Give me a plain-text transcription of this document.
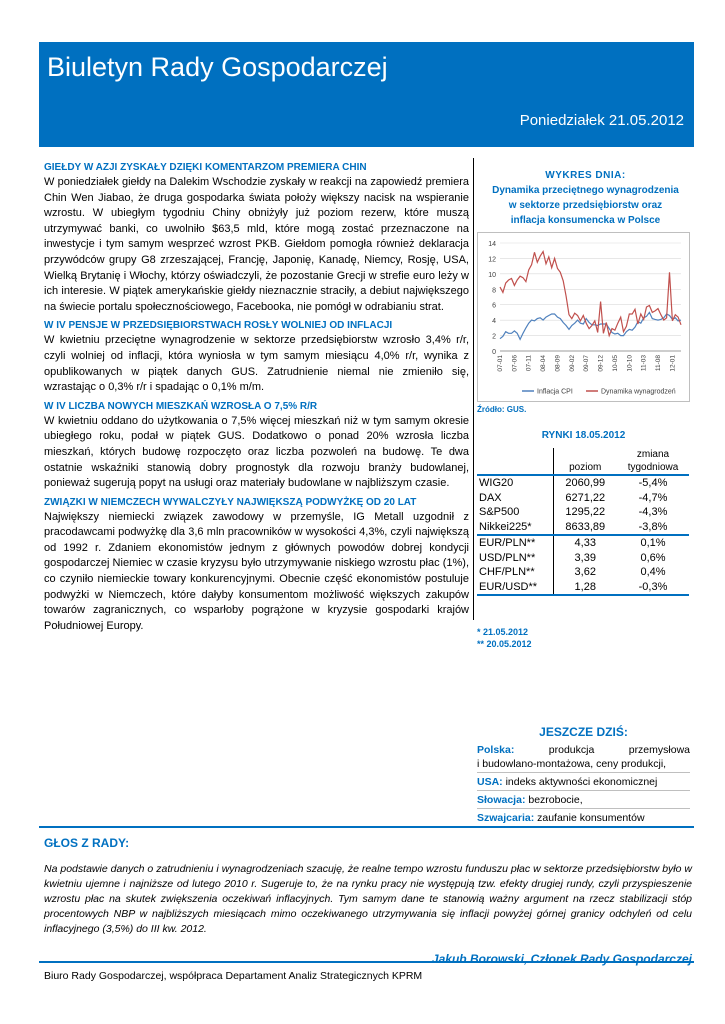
Biuletyn Rady Gospodarczej
Poniedziałek 21.05.2012
GIEŁDY W AZJI ZYSKAŁY DZIĘKI KOMENTARZOM PREMIERA CHIN

W poniedziałek giełdy na Dalekim Wschodzie zyskały w reakcji na zapowiedź premiera Chin Wen Jiabao, że druga gospodarka świata położy większy nacisk na wspieranie wzrostu. W ubiegłym tygodniu Chiny obniżyły już poziom rezerw, które muszą utrzymywać banki, co uwolniło $63,5 mld, które mogą zostać przeznaczone na inwestycje i tym samym wesprzeć wzrost PKB. Giełdom pomogła również deklaracja przywódców grupy G8 zrzeszającej, Francję, Japonię, Kanadę, Niemcy, Rosję, USA, Wielką Brytanię i Włochy, którzy oświadczyli, że pozostanie Grecji w strefie euro leży w ich interesie. W piątek amerykańskie giełdy nieznacznie straciły, a debiut największego na świecie portalu społecznościowego, Facebooka, nie pomógł w odrabianiu strat.

W IV PENSJE W PRZEDSIĘBIORSTWACH ROSŁY WOLNIEJ OD INFLACJI

W kwietniu przeciętne wynagrodzenie w sektorze przedsiębiorstw wzrosło 3,4% r/r, czyli wolniej od inflacji, która wyniosła w tym samym miesiącu 4,0% r/r, wynika z opublikowanych w piątek danych GUS. Zatrudnienie niemal nie zmieniło się, wzrastając o 0,3% r/r i spadając o 0,1% m/m.

W IV LICZBA NOWYCH MIESZKAŃ WZROSŁA O 7,5% R/R

W kwietniu oddano do użytkowania o 7,5% więcej mieszkań niż w tym samym okresie ubiegłego roku, podał w piątek GUS. Dodatkowo o ponad 20% wzrosła liczba mieszkań, których budowę rozpoczęto oraz liczba pozwoleń na budowę. Te dwa ostatnie wskaźniki stanowią dobry prognostyk dla rozwoju branży budowlanej, ponieważ sugerują popyt na usługi oraz materiały budowlane w najbliższym czasie.

ZWIĄZKI W NIEMCZECH WYWALCZYŁY NAJWIĘKSZĄ PODWYŻKĘ OD 20 LAT

Największy niemiecki związek zawodowy w przemyśle, IG Metall uzgodnił z pracodawcami podwyżkę dla 3,6 mln pracowników w wysokości 4,3%, czyli największą od 1992 r. Zdaniem ekonomistów jednym z głównych powodów dobrej kondycji gospodarczej Niemiec w czasie kryzysu było utrzymywanie niskiego wzrostu płac (1%), co czyniło niemieckie towary konkurencyjnymi. Obecnie część ekonomistów postuluje podwyżki w Niemczech, które dałyby konsumentom możliwość większych zakupów towarów zagranicznych, co wsparłoby pogrążone w kryzysie gospodarki krajów Południowej Europy.

WYKRES DNIA:
Dynamika przeciętnego wynagrodzenia
w sektorze przedsiębiorstw oraz
inflacja konsumencka w Polsce
0
2
4
6
8
10
12
14
07-01 07-06 07-11 08-04 08-09 09-02 09-07 09-12 10-05 10-10 11-03 11-08 12-01
Inflacja CPI	Dynamika wynagrodzeń
Źródło: GUS.
RYNKI 18.05.2012
	poziom	zmiana
tygodniowa

WIG20	2060,99	-5,4%
DAX	6271,22	-4,7%
S&P500	1295,22	-4,3%
Nikkei225*	8633,89	-3,8%
EUR/PLN**	4,33	0,1%
USD/PLN**	3,39	0,6%
CHF/PLN**	3,62	0,4%
EUR/USD**	1,28	-0,3%
* 21.05.2012
** 20.05.2012
JESZCZE DZIŚ:
Polska:	produkcja przemysłowa
i budowlano-montażowa, ceny produkcji,
USA: indeks aktywności ekonomicznej
Słowacja: bezrobocie,
Szwajcaria: zaufanie konsumentów
GŁOS Z RADY:

Na podstawie danych o zatrudnieniu i wynagrodzeniach szacuję, że realne tempo wzrostu funduszu płac w sektorze przedsiębiorstw było w kwietniu ujemne i najniższe od lutego 2010 r. Sugeruje to, że na rynku pracy nie występują tzw. efekty drugiej rundy, czyli przyspieszenie wzrostu płac na skutek zwiększenia oczekiwań inflacyjnych. Tym samym dane te stanowią ważny argument na rzecz stabilizacji stóp procentowych NBP w najbliższych miesiącach mimo oczekiwanego utrzymywania się inflacji powyżej górnej granicy odchyleń od celu inflacyjnego (3,5%) do III kw. 2012.

Jakub Borowski, Członek Rady Gospodarczej
Biuro Rady Gospodarczej, współpraca Departament Analiz Strategicznych KPRM
